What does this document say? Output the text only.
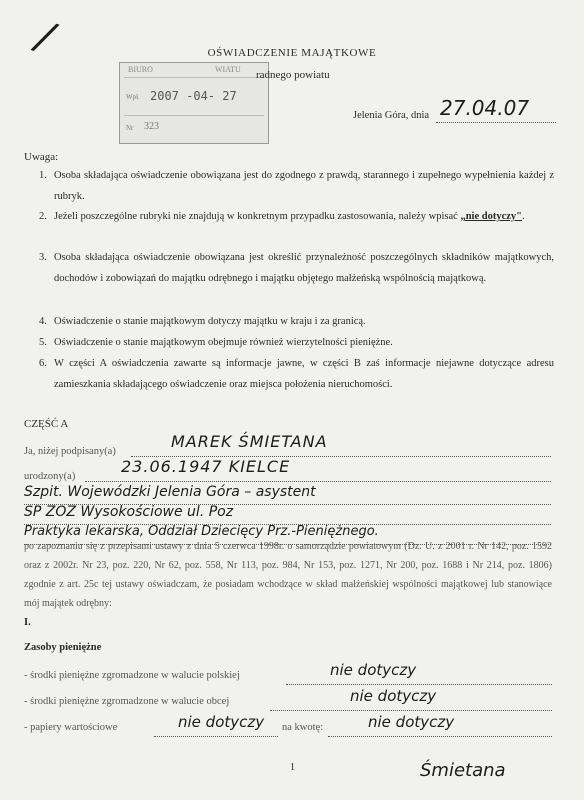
/	OŚWIADCZENIE MAJĄTKOWE
BIURO	WIATU
Wpł. 2007 -04- 27
Nr 323
radnego powiatu
Jelenia Góra, dnia 27.04.07
Uwaga:
1. Osoba składająca oświadczenie obowiązana jest do zgodnego z prawdą, starannego i zupełnego wypełnienia każdej z rubryk.
2. Jeżeli poszczególne rubryki nie znajdują w konkretnym przypadku zastosowania, należy wpisać „nie dotyczy".
3. Osoba składająca oświadczenie obowiązana jest określić przynależność poszczególnych składników majątkowych, dochodów i zobowiązań do majątku odrębnego i majątku objętego małżeńską wspólnością majątkową.
4. Oświadczenie o stanie majątkowym dotyczy majątku w kraju i za granicą.
5. Oświadczenie o stanie majątkowym obejmuje również wierzytelności pieniężne.
6. W części A oświadczenia zawarte są informacje jawne, w części B zaś informacje niejawne dotyczące adresu zamieszkania składającego oświadczenie oraz miejsca położenia nieruchomości.
CZĘŚĆ A
Ja, niżej podpisany(a)
MAREK ŚMIETANA
urodzony(a)
23.06.1947 KIELCE
Szpit. Wojewódzki Jelenia Góra – asystent
SP ZOZ Wysokościowe ul. Poz
Praktyka lekarska, Oddział Dziecięcy Prz.-Pieniężnego.
po zapoznaniu się z przepisami ustawy z dnia 5 czerwca 1998r. o samorządzie powiatowym (Dz. U. z 2001 r. Nr 142, poz. 1592 oraz z 2002r. Nr 23, poz. 220, Nr 62, poz. 558, Nr 113, poz. 984, Nr 153, poz. 1271, Nr 200, poz. 1688 i Nr 214, poz. 1806) zgodnie z art. 25c tej ustawy oświadczam, że posiadam wchodzące w skład małżeńskiej wspólności majątkowej lub stanowiące mój majątek odrębny:
I.
Zasoby pieniężne
- środki pieniężne zgromadzone w walucie polskiej	nie dotyczy
- środki pieniężne zgromadzone w walucie obcej	nie dotyczy
- papiery wartościowe	nie dotyczy na kwotę:	nie dotyczy
1	Śmietana
